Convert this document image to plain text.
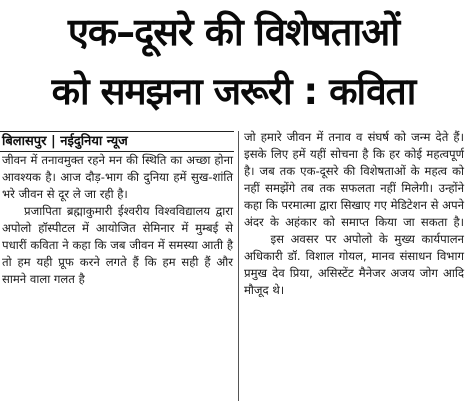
एक–दूसरे की विशेषताओं
को समझना जरूरी : कविता
बिलासपुर | नईदुनिया न्यूज

जीवन में तनावमुक्त रहने मन की स्थिति का अच्छा होना आवश्यक है। आज दौड़-भाग की दुनिया हमें सुख-शांति भरे जीवन से दूर ले जा रही है।

प्रजापिता ब्रह्माकुमारी ईश्वरीय विश्वविद्यालय द्वारा अपोलो हॉस्पीटल में आयोजित सेमिनार में मुम्बई से पधारीं कविता ने कहा कि जब जीवन में समस्या आती है तो हम यही प्रूफ करने लगते हैं कि हम सही हैं और सामने वाला गलत है

जो हमारे जीवन में तनाव व संघर्ष को जन्म देते हैं। इसके लिए हमें यहीं सोचना है कि हर कोई महत्वपूर्ण है। जब तक एक-दूसरे की विशेषताओं के महत्व को नहीं समझेंगे तब तक सफलता नहीं मिलेगी। उन्होंने कहा कि परमात्मा द्वारा सिखाए गए मेडिटेशन से अपने अंदर के अहंकार को समाप्त किया जा सकता है।    इस अवसर पर अपोलो के मुख्य कार्यपालन अधिकारी डॉ. विशाल गोयल, मानव संसाधन विभाग प्रमुख देव प्रिया, असिस्टेंट मैनेजर अजय जोग आदि मौजूद थे।
